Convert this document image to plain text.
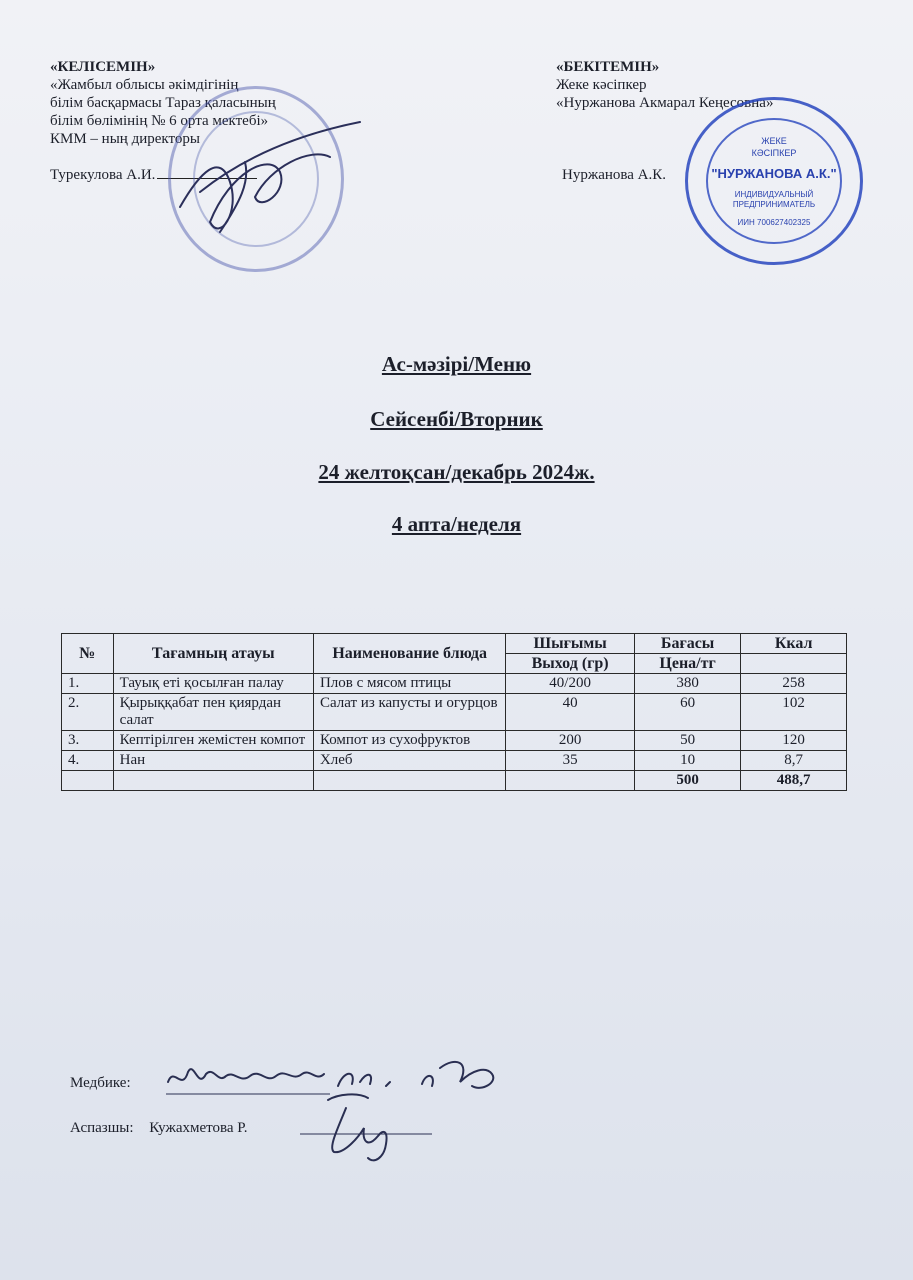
«КЕЛІСЕМІН»
«Жамбыл облысы әкімдігінің
білім басқармасы Тараз қаласының
білім бөлімінің № 6 орта мектебі»
КММ – ның директоры
Турекулова А.И.
«БЕКІТЕМІН»
Жеке кәсіпкер
«Нуржанова Акмарал Кеңесовна»
Нуржанова А.К.
ЖЕКЕ
КӘСІПКЕР
"НУРЖАНОВА А.К."
ИНДИВИДУАЛЬНЫЙ
ПРЕДПРИНИМАТЕЛЬ
ИИН 700627402325
Ас-мәзірі/Меню
Сейсенбі/Вторник
24 желтоқсан/декабрь 2024ж.
4 апта/неделя
№	Тағамның атауы	Наименование блюда	Шығымы	Бағасы	Ккал
			Выход (гр)	Цена/тг	
1.	Тауық еті қосылған палау	Плов с мясом птицы	40/200	380	258
2.	Қырыққабат пен қиярдан салат	Салат из капусты и огурцов	40	60	102
3.	Кептірілген жемістен компот	Компот из сухофруктов	200	50	120
4.	Нан	Хлеб	35	10	8,7
				500	488,7
Медбике:
Аспазшы: Кужахметова Р.
